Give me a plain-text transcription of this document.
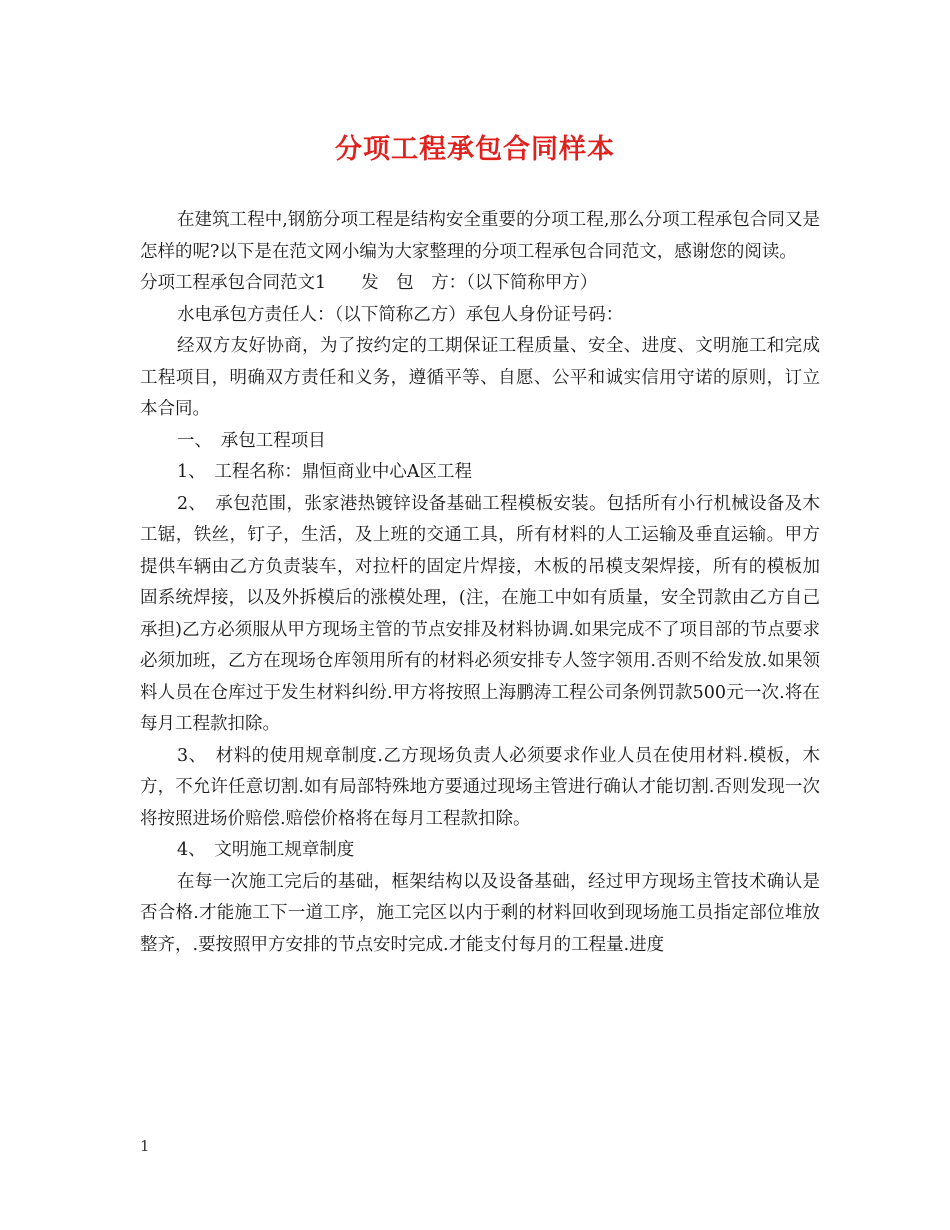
分项工程承包合同样本

在建筑工程中,钢筋分项工程是结构安全重要的分项工程,那么分项工程承包合同又是怎样的呢?以下是在范文网小编为大家整理的分项工程承包合同范文，感谢您的阅读。

分项工程承包合同范文1　　发　包　方：（以下简称甲方）

水电承包方责任人：（以下简称乙方）承包人身份证号码：

经双方友好协商，为了按约定的工期保证工程质量、安全、进度、文明施工和完成工程项目，明确双方责任和义务，遵循平等、自愿、公平和诚实信用守诺的原则，订立本合同。

一、　承包工程项目

1、　工程名称：鼎恒商业中心A区工程

2、　承包范围，张家港热镀锌设备基础工程模板安装。包括所有小行机械设备及木工锯，铁丝，钉子，生活，及上班的交通工具，所有材料的人工运输及垂直运输。甲方提供车辆由乙方负责装车，对拉杆的固定片焊接，木板的吊模支架焊接，所有的模板加固系统焊接，以及外拆模后的涨模处理，(注，在施工中如有质量，安全罚款由乙方自己承担)乙方必须服从甲方现场主管的节点安排及材料协调.如果完成不了项目部的节点要求必须加班，乙方在现场仓库领用所有的材料必须安排专人签字领用.否则不给发放.如果领料人员在仓库过于发生材料纠纷.甲方将按照上海鹏涛工程公司条例罚款500元一次.将在每月工程款扣除。

3、　材料的使用规章制度.乙方现场负责人必须要求作业人员在使用材料.模板，木方，不允许任意切割.如有局部特殊地方要通过现场主管进行确认才能切割.否则发现一次将按照进场价赔偿.赔偿价格将在每月工程款扣除。

4、　文明施工规章制度

在每一次施工完后的基础，框架结构以及设备基础，经过甲方现场主管技术确认是否合格.才能施工下一道工序，施工完区以内于剩的材料回收到现场施工员指定部位堆放整齐，.要按照甲方安排的节点安时完成.才能支付每月的工程量.进度

1
